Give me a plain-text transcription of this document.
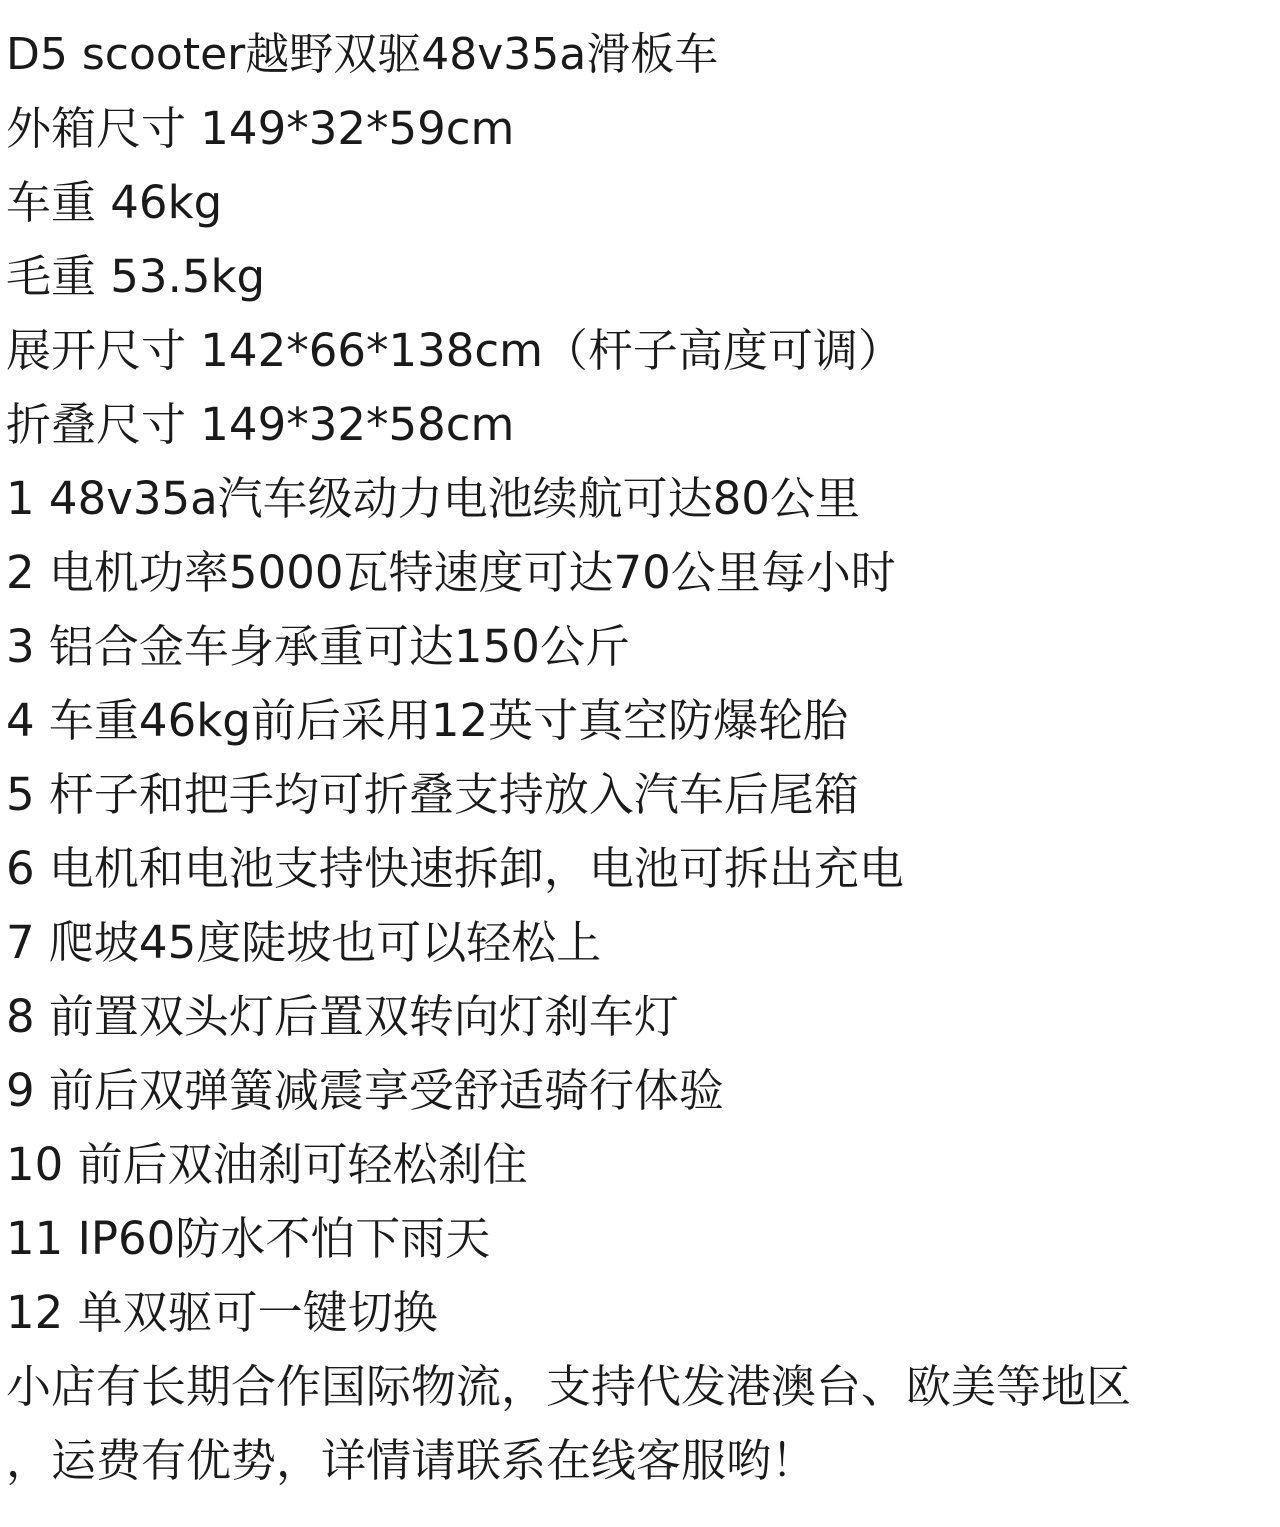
D5 scooter越野双驱48v35a滑板车
外箱尺寸 149*32*59cm
车重 46kg
毛重 53.5kg
展开尺寸 142*66*138cm（杆子高度可调）
折叠尺寸 149*32*58cm
1 48v35a汽车级动力电池续航可达80公里
2 电机功率5000瓦特速度可达70公里每小时
3 铝合金车身承重可达150公斤
4 车重46kg前后采用12英寸真空防爆轮胎
5 杆子和把手均可折叠支持放入汽车后尾箱
6 电机和电池支持快速拆卸，电池可拆出充电
7 爬坡45度陡坡也可以轻松上
8 前置双头灯后置双转向灯刹车灯
9 前后双弹簧减震享受舒适骑行体验
10 前后双油刹可轻松刹住
11 IP60防水不怕下雨天
12 单双驱可一键切换
小店有长期合作国际物流，支持代发港澳台、欧美等地区
，运费有优势，详情请联系在线客服哟！
